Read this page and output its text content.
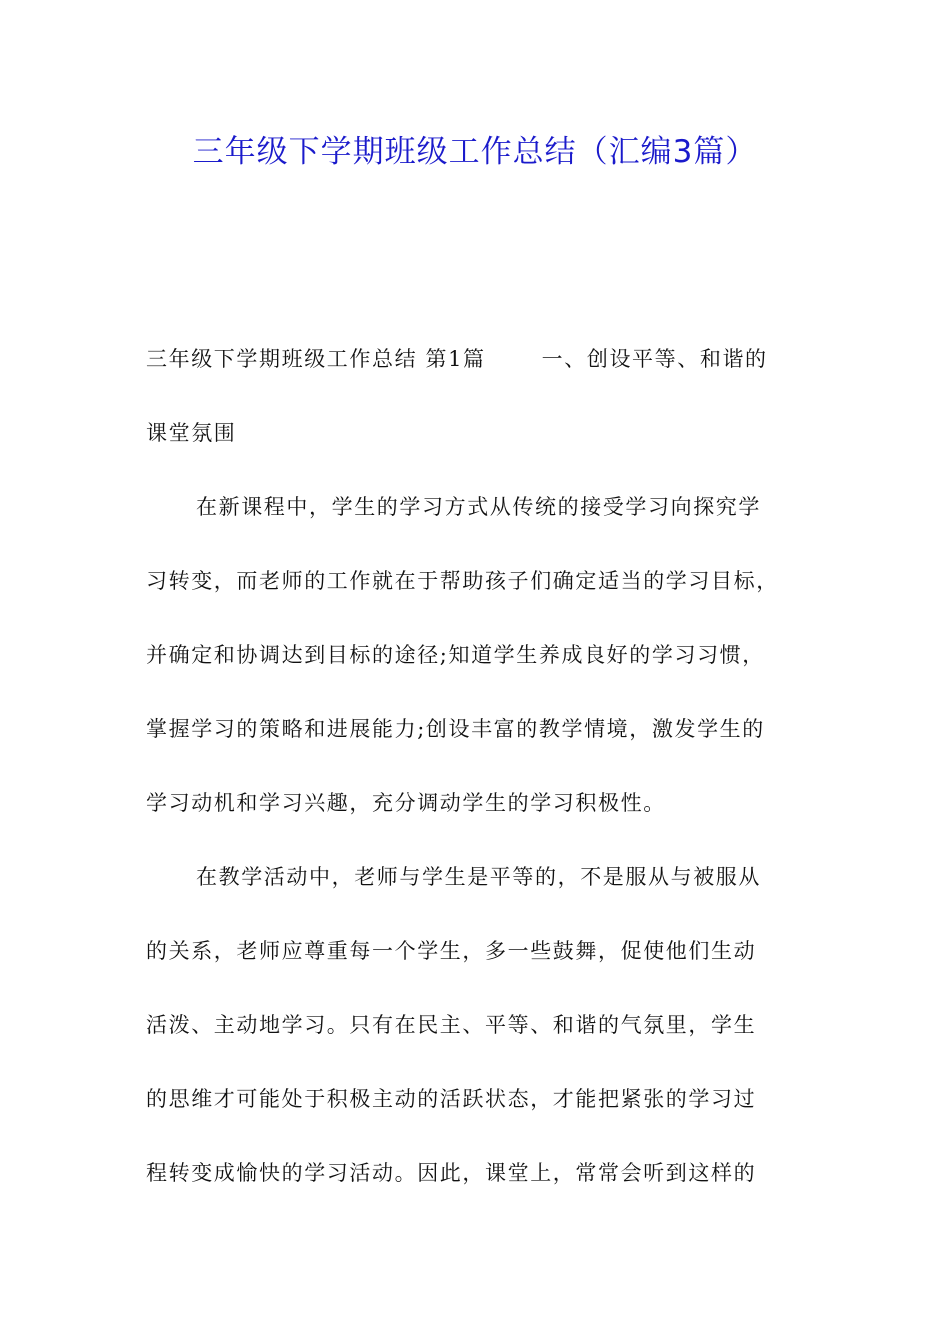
三年级下学期班级工作总结（汇编3篇）
三年级下学期班级工作总结 第1篇	一、创设平等、和谐的
课堂氛围
在新课程中，学生的学习方式从传统的接受学习向探究学
习转变，而老师的工作就在于帮助孩子们确定适当的学习目标，
并确定和协调达到目标的途径;知道学生养成良好的学习习惯，
掌握学习的策略和进展能力;创设丰富的教学情境，激发学生的
学习动机和学习兴趣，充分调动学生的学习积极性。
在教学活动中，老师与学生是平等的，不是服从与被服从
的关系，老师应尊重每一个学生，多一些鼓舞，促使他们生动
活泼、主动地学习。只有在民主、平等、和谐的气氛里，学生
的思维才可能处于积极主动的活跃状态，才能把紧张的学习过
程转变成愉快的学习活动。因此，课堂上，常常会听到这样的
